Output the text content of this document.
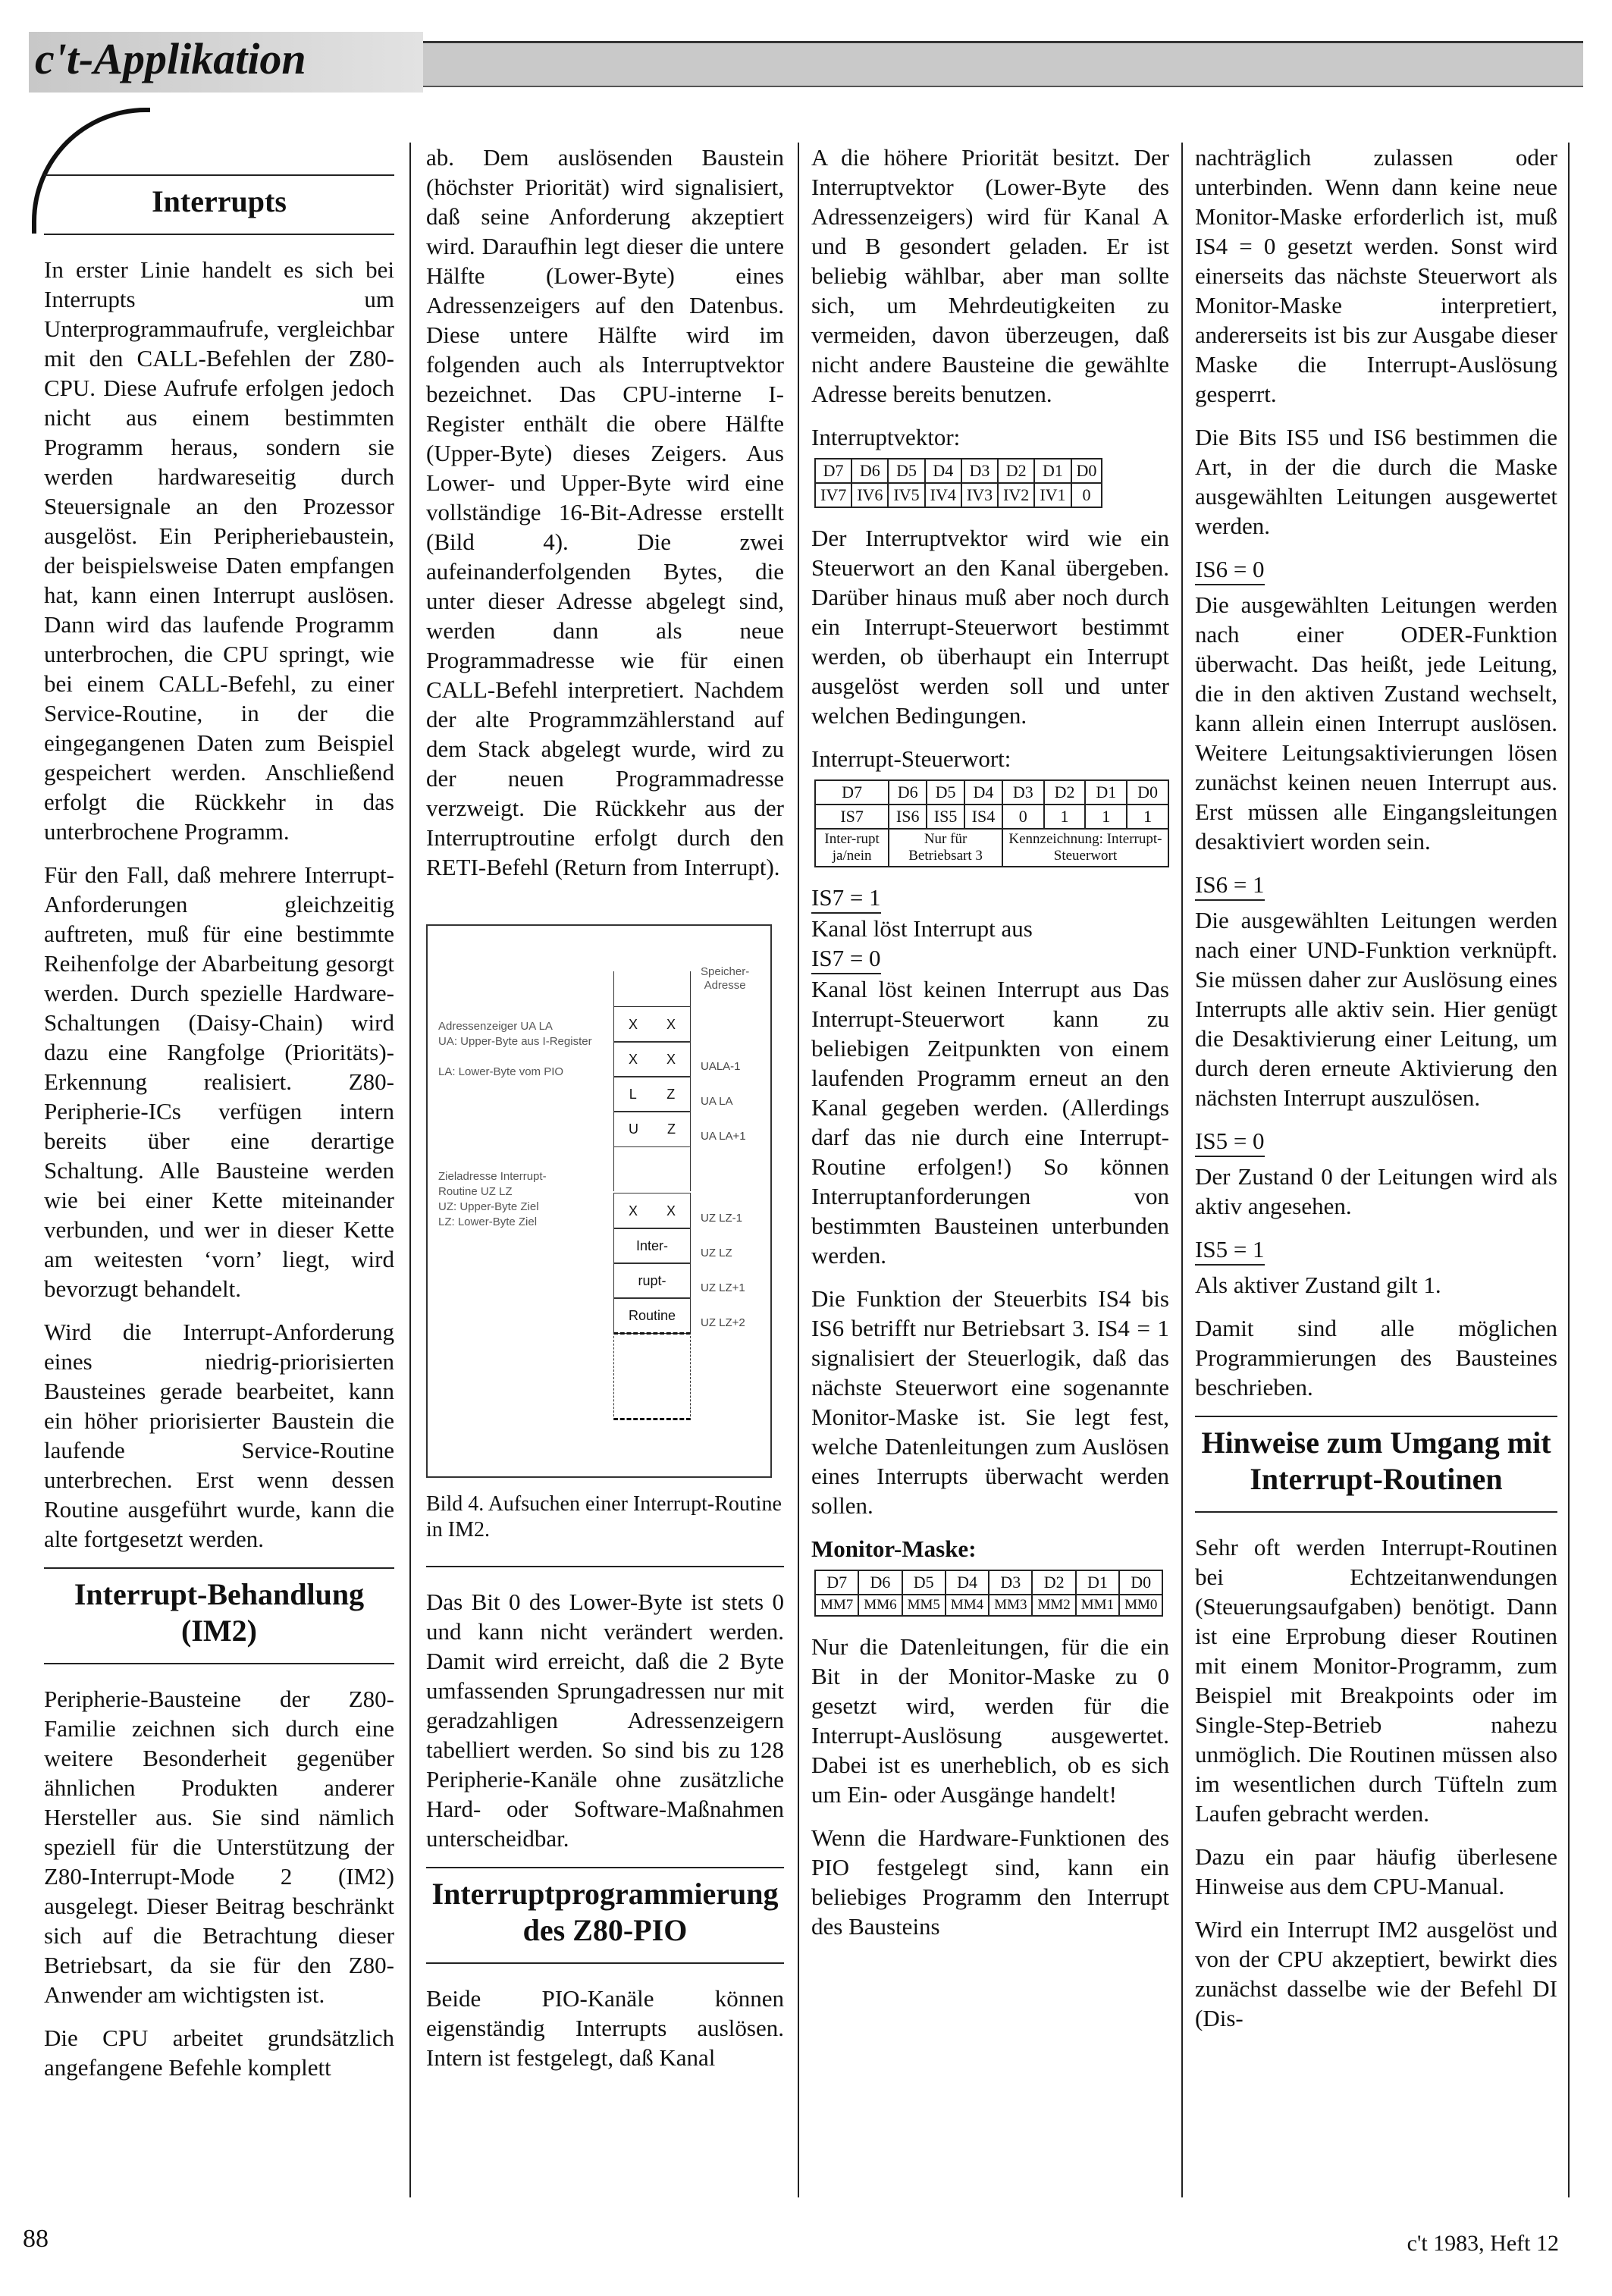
c't-Applikation
Interrupts

In erster Linie handelt es sich bei Interrupts um Unterprogrammaufrufe, vergleichbar mit den CALL-Befehlen der Z80-CPU. Diese Aufrufe erfolgen jedoch nicht aus einem bestimmten Programm heraus, sondern sie werden hardwareseitig durch Steuersignale an den Prozessor ausgelöst. Ein Peripheriebaustein, der beispielsweise Daten empfangen hat, kann einen Interrupt auslösen. Dann wird das laufende Programm unterbrochen, die CPU springt, wie bei einem CALL-Befehl, zu einer Service-Routine, in der die eingegangenen Daten zum Beispiel gespeichert werden. Anschließend erfolgt die Rückkehr in das unterbrochene Programm.

Für den Fall, daß mehrere Interrupt-Anforderungen gleichzeitig auftreten, muß für eine bestimmte Reihenfolge der Abarbeitung gesorgt werden. Durch spezielle Hardware-Schaltungen (Daisy-Chain) wird dazu eine Rangfolge (Prioritäts)-Erkennung realisiert. Z80-Peripherie-ICs verfügen intern bereits über eine derartige Schaltung. Alle Bausteine werden wie bei einer Kette miteinander verbunden, und wer in dieser Kette am weitesten ‘vorn’ liegt, wird bevorzugt behandelt.

Wird die Interrupt-Anforderung eines niedrig-priorisierten Bausteines gerade bearbeitet, kann ein höher priorisierter Baustein die laufende Service-Routine unterbrechen. Erst wenn dessen Routine ausgeführt wurde, kann die alte fortgesetzt werden.

Interrupt-Behandlung (IM2)

Peripherie-Bausteine der Z80-Familie zeichnen sich durch eine weitere Besonderheit gegenüber ähnlichen Produkten anderer Hersteller aus. Sie sind nämlich speziell für die Unterstützung der Z80-Interrupt-Mode 2 (IM2) ausgelegt. Dieser Beitrag beschränkt sich auf die Betrachtung dieser Betriebsart, da sie für den Z80-Anwender am wichtigsten ist.

Die CPU arbeitet grundsätzlich angefangene Befehle komplett

ab. Dem auslösenden Baustein (höchster Priorität) wird signalisiert, daß seine Anforderung akzeptiert wird. Daraufhin legt dieser die untere Hälfte (Lower-Byte) eines Adressenzeigers auf den Datenbus. Diese untere Hälfte wird im folgenden auch als Interruptvektor bezeichnet. Das CPU-interne I-Register enthält die obere Hälfte (Upper-Byte) dieses Zeigers. Aus Lower- und Upper-Byte wird eine vollständige 16-Bit-Adresse erstellt (Bild 4). Die zwei aufeinanderfolgenden Bytes, die unter dieser Adresse abgelegt sind, werden dann als neue Programmadresse wie für einen CALL-Befehl interpretiert. Nachdem der alte Programmzählerstand auf dem Stack abgelegt wurde, wird zu der neuen Programmadresse verzweigt. Die Rückkehr aus der Interruptroutine erfolgt durch den RETI-Befehl (Return from Interrupt).

Speicher-
Adresse
Adressenzeiger UA LA
UA: Upper-Byte aus I-Register
LA: Lower-Byte vom PIO
Zieladresse Interrupt-
Routine UZ LZ
UZ: Upper-Byte Ziel
LZ: Lower-Byte Ziel
X X
X X
L Z
U Z
X X
Inter-
rupt-
Routine
UALA-1
UA LA
UA LA+1
UZ LZ-1
UZ LZ
UZ LZ+1
UZ LZ+2
Bild 4. Aufsuchen einer Interrupt-Routine in IM2.

Das Bit 0 des Lower-Byte ist stets 0 und kann nicht verändert werden. Damit wird erreicht, daß die 2 Byte umfassenden Sprungadressen nur mit geradzahligen Adressenzeigern tabelliert werden. So sind bis zu 128 Peripherie-Kanäle ohne zusätzliche Hard- oder Software-Maßnahmen unterscheidbar.

Interruptprogrammierung des Z80-PIO

Beide PIO-Kanäle können eigenständig Interrupts auslösen. Intern ist festgelegt, daß Kanal

A die höhere Priorität besitzt. Der Interruptvektor (Lower-Byte des Adressenzeigers) wird für Kanal A und B gesondert geladen. Er ist beliebig wählbar, aber man sollte sich, um Mehrdeutigkeiten zu vermeiden, davon überzeugen, daß nicht andere Bausteine die gewählte Adresse bereits benutzen.

Interruptvektor:
D7	D6	D5	D4	D3	D2	D1	D0
IV7	IV6	IV5	IV4	IV3	IV2	IV1	0

Der Interruptvektor wird wie ein Steuerwort an den Kanal übergeben. Darüber hinaus muß aber noch durch ein Interrupt-Steuerwort bestimmt werden, ob überhaupt ein Interrupt ausgelöst werden soll und unter welchen Bedingungen.

Interrupt-Steuerwort:
D7	D6	D5	D4	D3	D2	D1	D0
IS7	IS6	IS5	IS4	0	1	1	1
Inter-rupt ja/nein	Nur für Betriebsart 3			Kennzeichnung: Interrupt-Steuerwort			
IS7 = 1
Kanal löst Interrupt aus
IS7 = 0

Kanal löst keinen Interrupt aus Das Interrupt-Steuerwort kann zu beliebigen Zeitpunkten von einem laufenden Programm erneut an den Kanal gegeben werden. (Allerdings darf das nie durch eine Interrupt-Routine erfolgen!) So können Interruptanforderungen von bestimmten Bausteinen unterbunden werden.

Die Funktion der Steuerbits IS4 bis IS6 betrifft nur Betriebsart 3. IS4 = 1 signalisiert der Steuerlogik, daß das nächste Steuerwort eine sogenannte Monitor-Maske ist. Sie legt fest, welche Datenleitungen zum Auslösen eines Interrupts überwacht werden sollen.

Monitor-Maske:
D7	D6	D5	D4	D3	D2	D1	D0
MM7	MM6	MM5	MM4	MM3	MM2	MM1	MM0

Nur die Datenleitungen, für die ein Bit in der Monitor-Maske zu 0 gesetzt wird, werden für die Interrupt-Auslösung ausgewertet. Dabei ist es unerheblich, ob es sich um Ein- oder Ausgänge handelt!

Wenn die Hardware-Funktionen des PIO festgelegt sind, kann ein beliebiges Programm den Interrupt des Bausteins

nachträglich zulassen oder unterbinden. Wenn dann keine neue Monitor-Maske erforderlich ist, muß IS4 = 0 gesetzt werden. Sonst wird einerseits das nächste Steuerwort als Monitor-Maske interpretiert, andererseits ist bis zur Ausgabe dieser Maske die Interrupt-Auslösung gesperrt.

Die Bits IS5 und IS6 bestimmen die Art, in der die durch die Maske ausgewählten Leitungen ausgewertet werden.

IS6 = 0

Die ausgewählten Leitungen werden nach einer ODER-Funktion überwacht. Das heißt, jede Leitung, die in den aktiven Zustand wechselt, kann allein einen Interrupt auslösen. Weitere Leitungsaktivierungen lösen zunächst keinen neuen Interrupt aus. Erst müssen alle Eingangsleitungen desaktiviert worden sein.

IS6 = 1

Die ausgewählten Leitungen werden nach einer UND-Funktion verknüpft. Sie müssen daher zur Auslösung eines Interrupts alle aktiv sein. Hier genügt die Desaktivierung einer Leitung, um durch deren erneute Aktivierung den nächsten Interrupt auszulösen.

IS5 = 0

Der Zustand 0 der Leitungen wird als aktiv angesehen.

IS5 = 1

Als aktiver Zustand gilt 1.

Damit sind alle möglichen Programmierungen des Bausteines beschrieben.

Hinweise zum Umgang mit Interrupt-Routinen

Sehr oft werden Interrupt-Routinen bei Echtzeitanwendungen (Steuerungsaufgaben) benötigt. Dann ist eine Erprobung dieser Routinen mit einem Monitor-Programm, zum Beispiel mit Breakpoints oder im Single-Step-Betrieb nahezu unmöglich. Die Routinen müssen also im wesentlichen durch Tüfteln zum Laufen gebracht werden.

Dazu ein paar häufig überlesene Hinweise aus dem CPU-Manual.

Wird ein Interrupt IM2 ausgelöst und von der CPU akzeptiert, bewirkt dies zunächst dasselbe wie der Befehl DI (Dis-

88	c't 1983, Heft 12
